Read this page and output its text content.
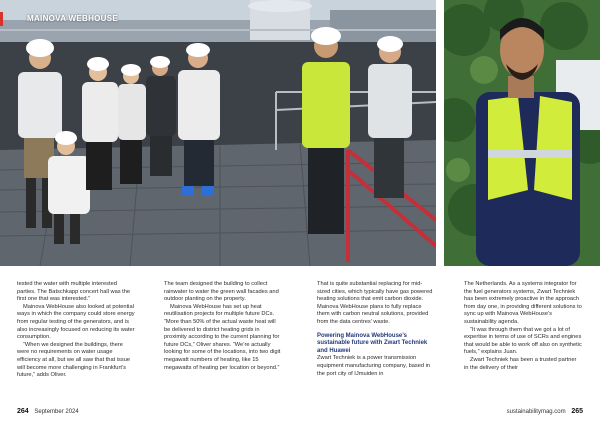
MAINOVA WEBHOUSE

tested the water with multiple interested parties. The Batschkapp concert hall was the first one that was interested.”

Mainova WebHouse also looked at potential ways in which the company could store energy from regular testing of the generators, and is also increasingly focused on reducing its water consumption.

“When we designed the buildings, there were no requirements on water usage efficiency at all, but we all saw that that issue will become more challenging in Frankfurt’s future,” adds Oliver.

The team designed the building to collect rainwater to water the green wall facades and outdoor planting on the property.

Mainova WebHouse has set up heat reutilisation projects for multiple future DCs. “More than 50% of the actual waste heat will be delivered to district heating grids in proximity according to the current planning for future DCs,” Oliver shares. “We’re actually looking for some of the locations, into two digit megawatt numbers of heating, like 15 megawatts of heating per location or beyond.”

That is quite substantial replacing for mid-sized cities, which typically have gas powered heating solutions that emit carbon dioxide. Mainova WebHouse plans to fully replace them with carbon neutral solutions, provided from the data centres’ waste.

Powering Mainova WebHouse’s sustainable future with Zwart Techniek and Huawei

Zwart Techniek is a power transmission equipment manufacturing company, based in the port city of IJmuiden in

The Netherlands. As a systems integrator for the fuel generators systems, Zwart Techniek has been extremely proactive in the approach from day one, in providing different solutions to sync up with Mainova WebHouse’s sustainability agenda.

“It was through them that we got a lot of expertise in terms of use of SCRs and engines that would be able to work off also on synthetic fuels,” explains Juan.

Zwart Techniek has been a trusted partner in the delivery of their

264 September 2024	sustainabilitymag.com 265
